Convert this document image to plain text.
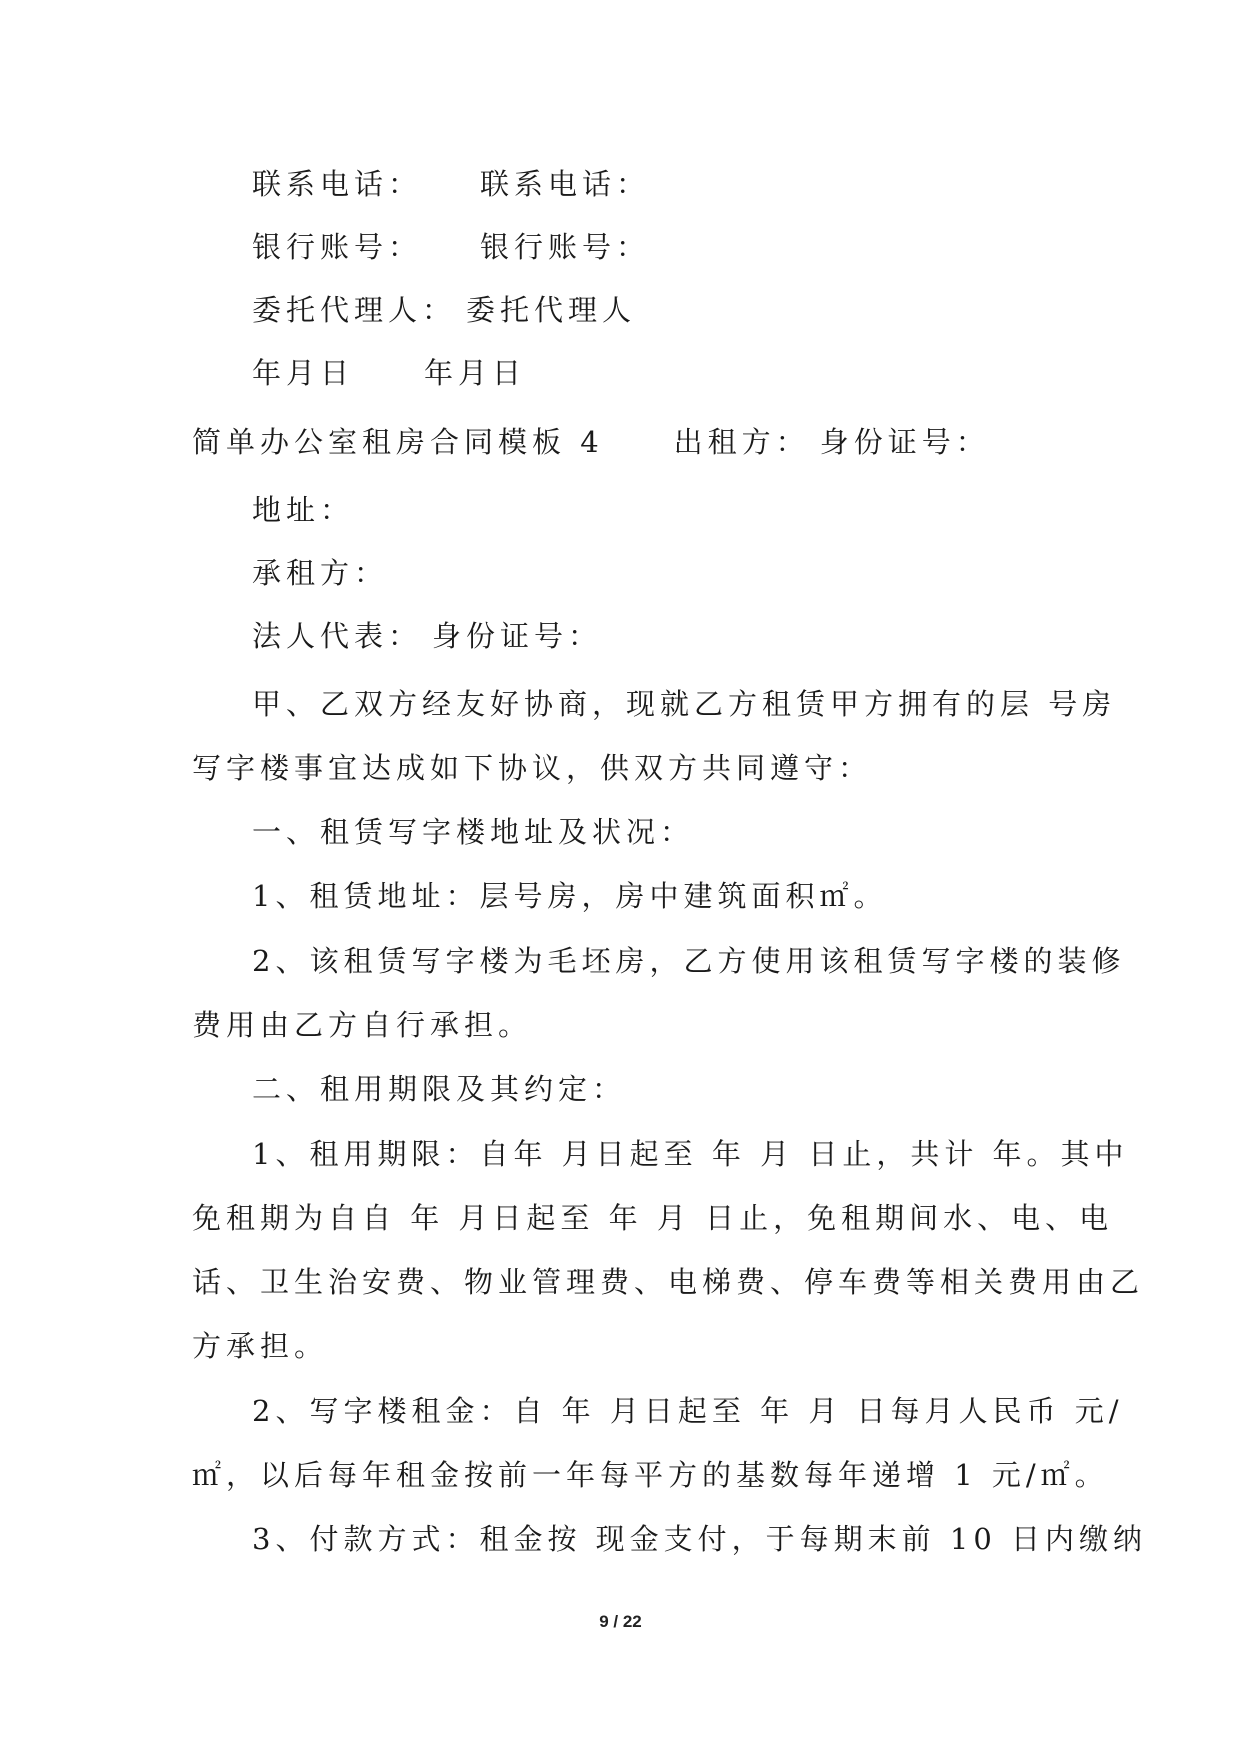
联系电话： 联系电话：
银行账号： 银行账号：
委托代理人： 委托代理人
年月日 年月日
简单办公室租房合同模板 4 出租方： 身份证号：
地址：
承租方：
法人代表： 身份证号：
甲、乙双方经友好协商，现就乙方租赁甲方拥有的层 号房
写字楼事宜达成如下协议，供双方共同遵守：
一、租赁写字楼地址及状况：
1、租赁地址：层号房，房中建筑面积㎡。
2、该租赁写字楼为毛坯房，乙方使用该租赁写字楼的装修
费用由乙方自行承担。
二、租用期限及其约定：
1、租用期限：自年 月日起至 年 月 日止，共计 年。其中
免租期为自自 年 月日起至 年 月 日止，免租期间水、电、电
话、卫生治安费、物业管理费、电梯费、停车费等相关费用由乙
方承担。
2、写字楼租金：自 年 月日起至 年 月 日每月人民币 元/
㎡，以后每年租金按前一年每平方的基数每年递增 1 元/㎡。
3、付款方式：租金按 现金支付，于每期末前 10 日内缴纳
9 / 22
